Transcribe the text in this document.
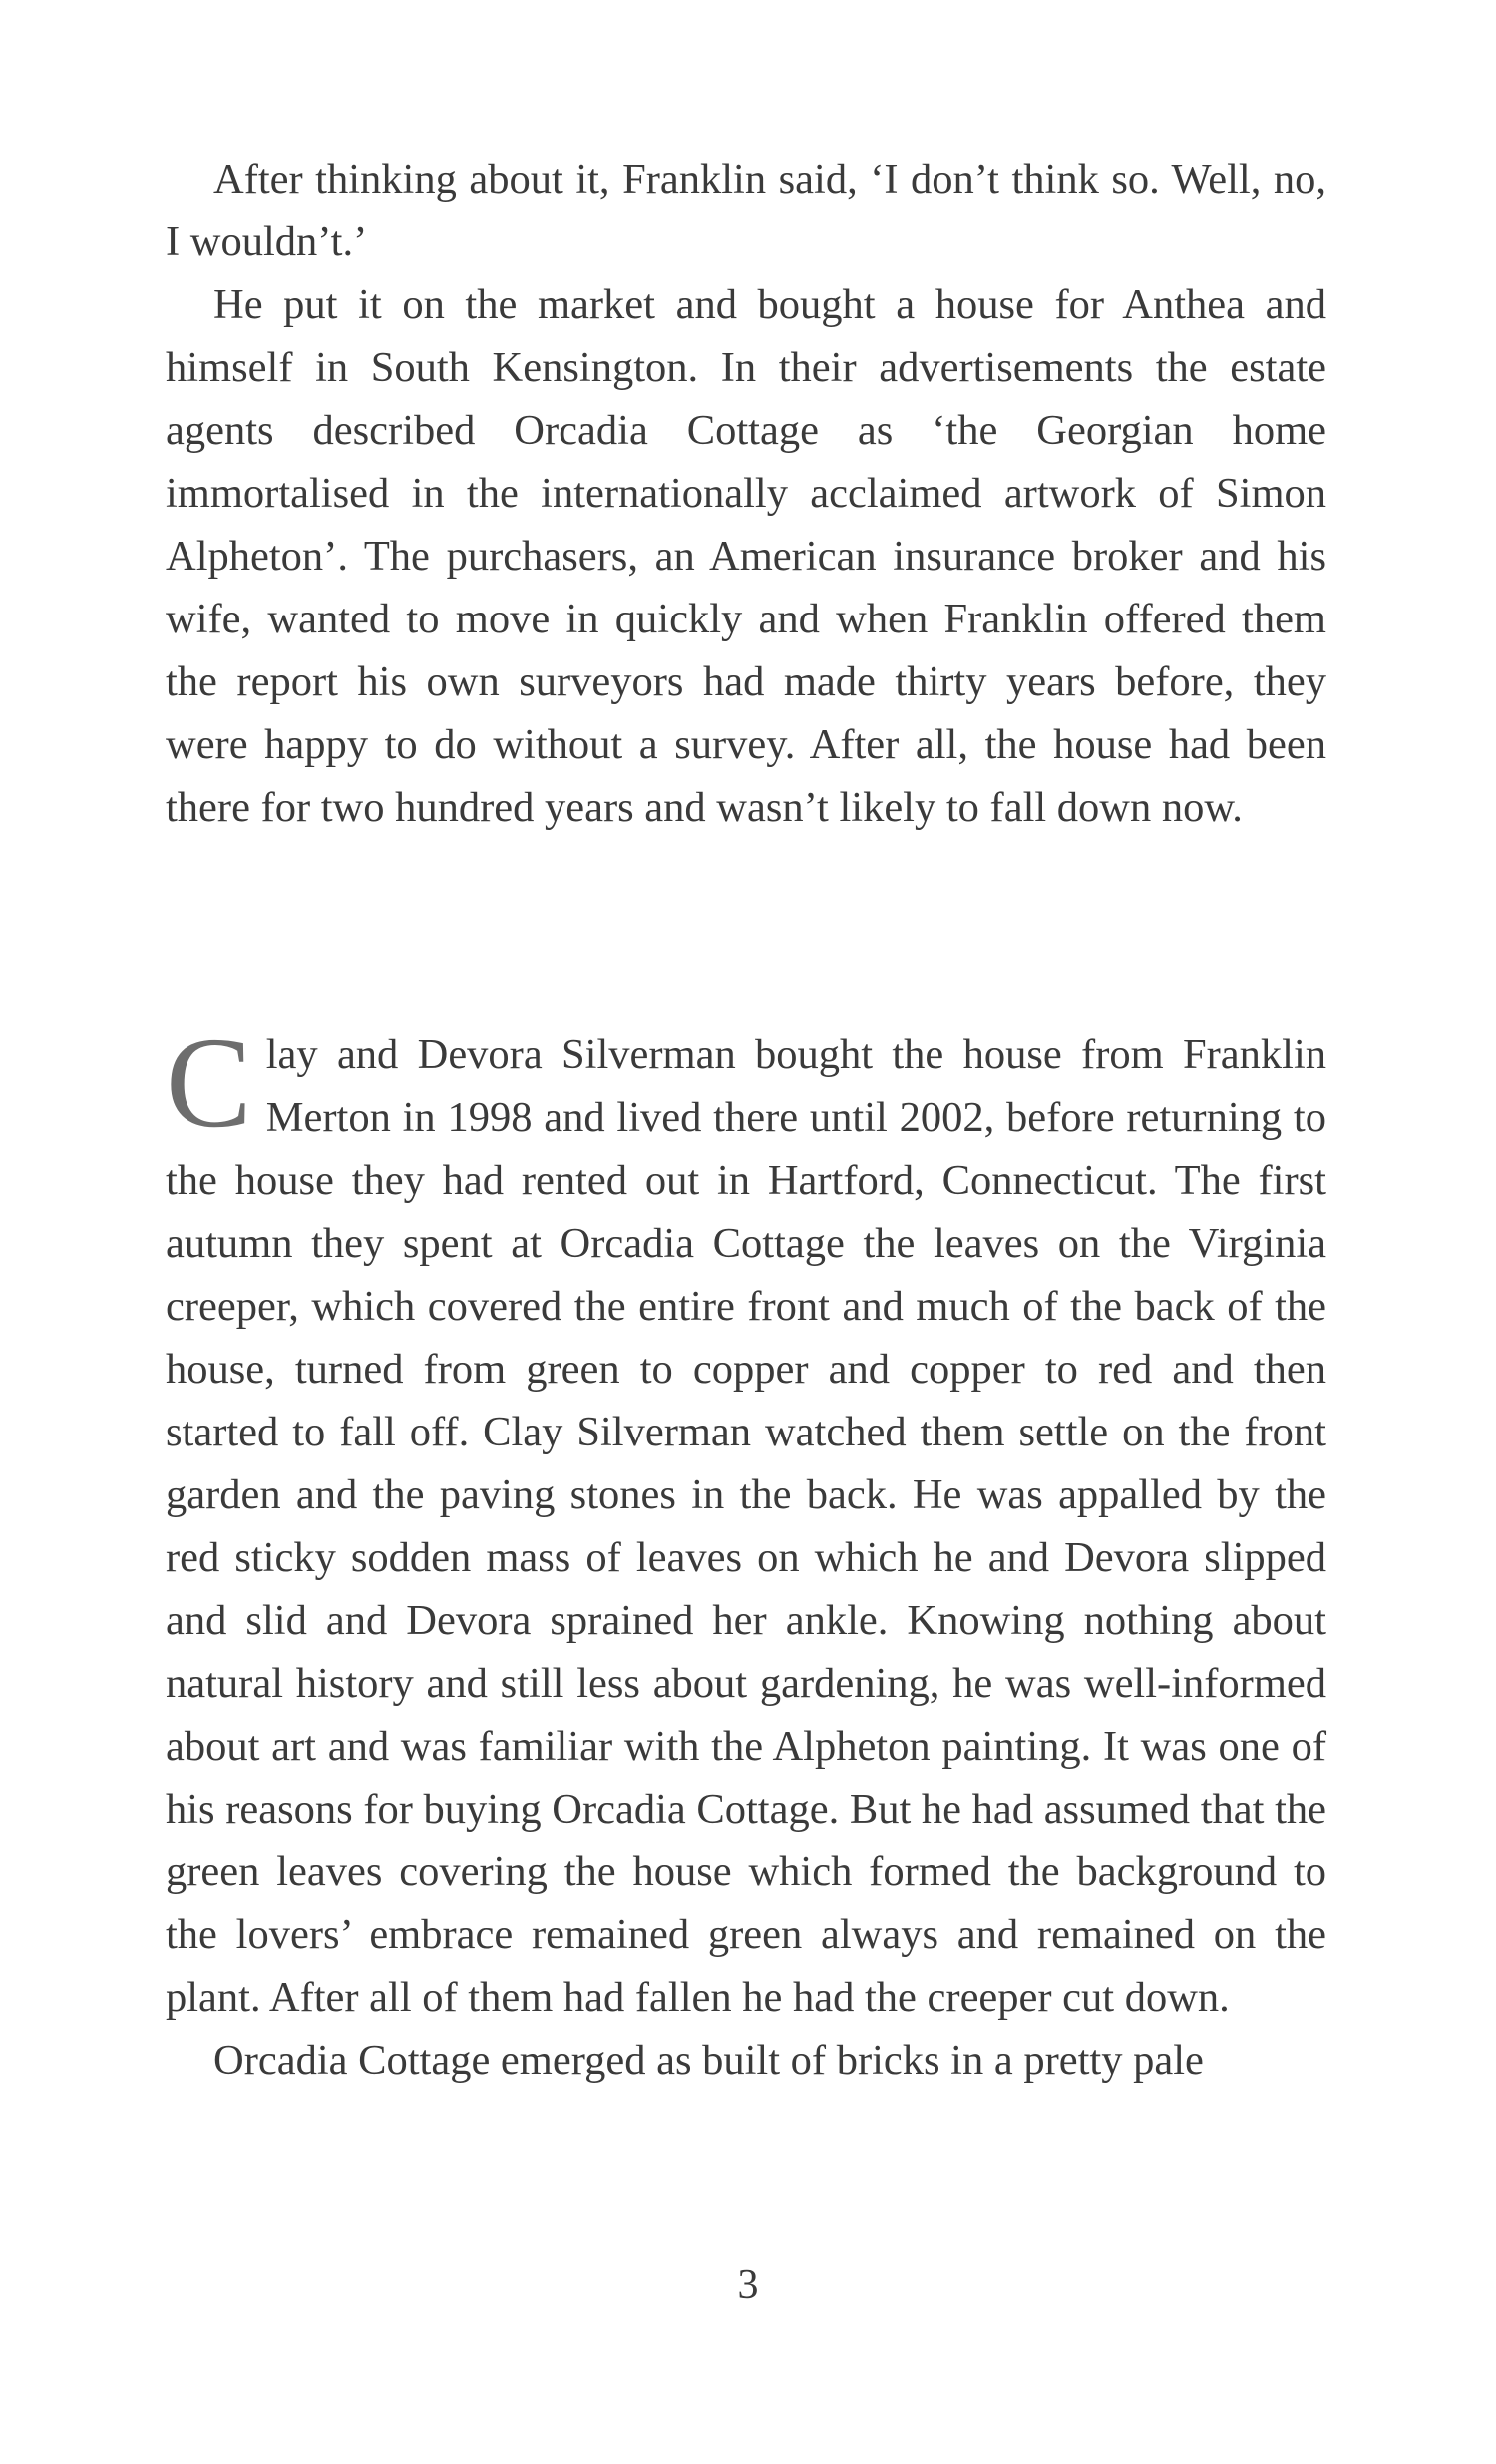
After thinking about it, Franklin said, ‘I don’t think so. Well, no, I wouldn’t.’

He put it on the market and bought a house for Anthea and himself in South Kensington. In their advertisements the estate agents described Orcadia Cottage as ‘the Georgian home immortalised in the internationally acclaimed artwork of Simon Alpheton’. The purchasers, an American insurance broker and his wife, wanted to move in quickly and when Franklin offered them the report his own surveyors had made thirty years before, they were happy to do without a survey. After all, the house had been there for two hundred years and wasn’t likely to fall down now.

Clay and Devora Silverman bought the house from Franklin Merton in 1998 and lived there until 2002, before returning to the house they had rented out in Hartford, Connecticut. The first autumn they spent at Orcadia Cottage the leaves on the Virginia creeper, which covered the entire front and much of the back of the house, turned from green to copper and copper to red and then started to fall off. Clay Silverman watched them settle on the front garden and the paving stones in the back. He was appalled by the red sticky sodden mass of leaves on which he and Devora slipped and slid and Devora sprained her ankle. Knowing nothing about natural history and still less about gardening, he was well-informed about art and was familiar with the Alpheton painting. It was one of his reasons for buying Orcadia Cottage. But he had assumed that the green leaves covering the house which formed the background to the lovers’ embrace remained green always and remained on the plant. After all of them had fallen he had the creeper cut down.

Orcadia Cottage emerged as built of bricks in a pretty pale

3
